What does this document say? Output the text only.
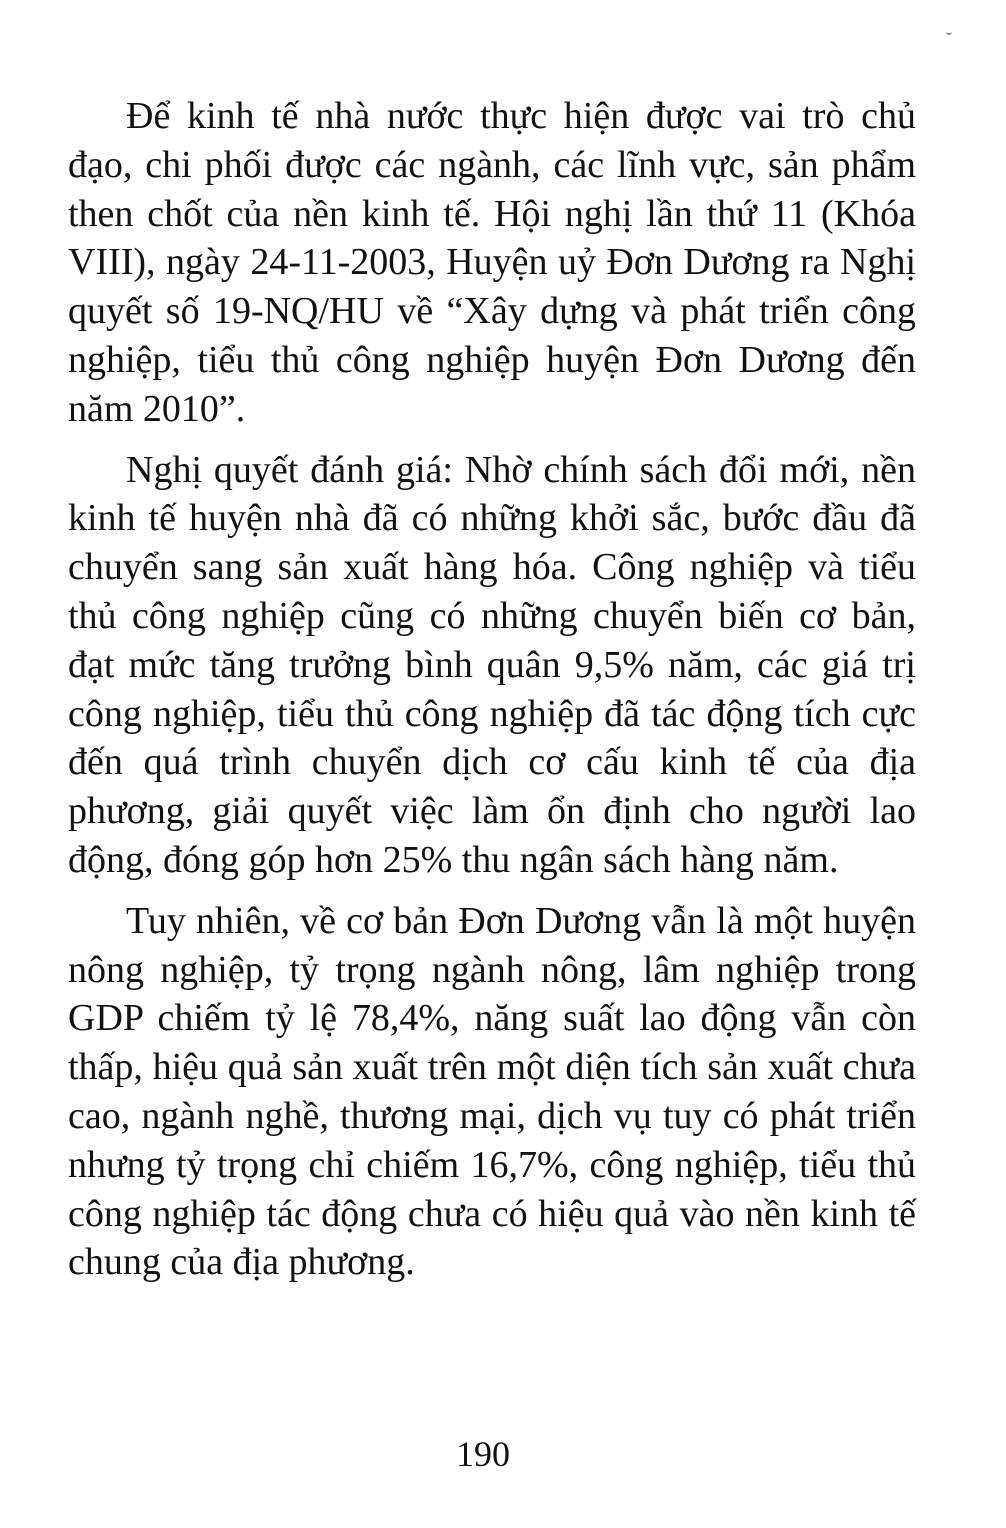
Để kinh tế nhà nước thực hiện được vai trò chủ đạo, chi phối được các ngành, các lĩnh vực, sản phẩm then chốt của nền kinh tế. Hội nghị lần thứ 11 (Khóa VIII), ngày 24-11-2003, Huyện uỷ Đơn Dương ra Nghị quyết số 19-NQ/HU về “Xây dựng và phát triển công nghiệp, tiểu thủ công nghiệp huyện Đơn Dương đến năm 2010”.

Nghị quyết đánh giá: Nhờ chính sách đổi mới, nền kinh tế huyện nhà đã có những khởi sắc, bước đầu đã chuyển sang sản xuất hàng hóa. Công nghiệp và tiểu thủ công nghiệp cũng có những chuyển biến cơ bản, đạt mức tăng trưởng bình quân 9,5% năm, các giá trị công nghiệp, tiểu thủ công nghiệp đã tác động tích cực đến quá trình chuyển dịch cơ cấu kinh tế của địa phương, giải quyết việc làm ổn định cho người lao động, đóng góp hơn 25% thu ngân sách hàng năm.

Tuy nhiên, về cơ bản Đơn Dương vẫn là một huyện nông nghiệp, tỷ trọng ngành nông, lâm nghiệp trong GDP chiếm tỷ lệ 78,4%, năng suất lao động vẫn còn thấp, hiệu quả sản xuất trên một diện tích sản xuất chưa cao, ngành nghề, thương mại, dịch vụ tuy có phát triển nhưng tỷ trọng chỉ chiếm 16,7%, công nghiệp, tiểu thủ công nghiệp tác động chưa có hiệu quả vào nền kinh tế chung của địa phương.

190
